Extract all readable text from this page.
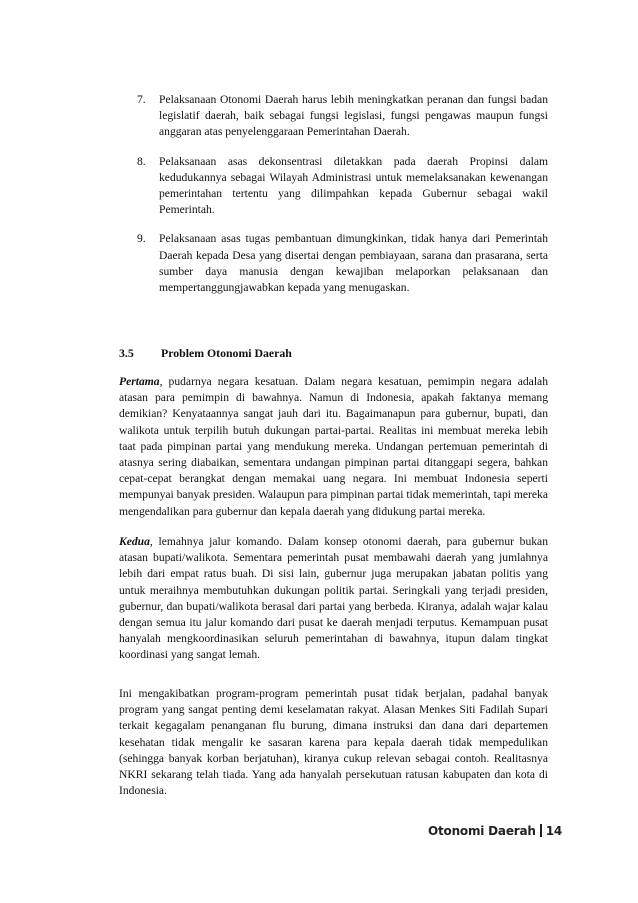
7.	Pelaksanaan Otonomi Daerah harus lebih meningkatkan peranan dan fungsi badan legislatif daerah, baik sebagai fungsi legislasi, fungsi pengawas maupun fungsi anggaran atas penyelenggaraan Pemerintahan Daerah.
8.	Pelaksanaan asas dekonsentrasi diletakkan pada daerah Propinsi dalam kedudukannya sebagai Wilayah Administrasi untuk memelaksanakan kewenangan pemerintahan tertentu yang dilimpahkan kepada Gubernur sebagai wakil Pemerintah.
9.	Pelaksanaan asas tugas pembantuan dimungkinkan, tidak hanya dari Pemerintah Daerah kepada Desa yang disertai dengan pembiayaan, sarana dan prasarana, serta sumber daya manusia dengan kewajiban melaporkan pelaksanaan dan mempertanggungjawabkan kepada yang menugaskan.
3.5 Problem Otonomi Daerah

Pertama, pudarnya negara kesatuan. Dalam negara kesatuan, pemimpin negara adalah atasan para pemimpin di bawahnya. Namun di Indonesia, apakah faktanya memang demikian? Kenyataannya sangat jauh dari itu. Bagaimanapun para gubernur, bupati, dan walikota untuk terpilih butuh dukungan partai-partai. Realitas ini membuat mereka lebih taat pada pimpinan partai yang mendukung mereka. Undangan pertemuan pemerintah di atasnya sering diabaikan, sementara undangan pimpinan partai ditanggapi segera, bahkan cepat-cepat berangkat dengan memakai uang negara. Ini membuat Indonesia seperti mempunyai banyak presiden. Walaupun para pimpinan partai tidak memerintah, tapi mereka mengendalikan para gubernur dan kepala daerah yang didukung partai mereka.

Kedua, lemahnya jalur komando. Dalam konsep otonomi daerah, para gubernur bukan atasan bupati/walikota. Sementara pemerintah pusat membawahi daerah yang jumlahnya lebih dari empat ratus buah. Di sisi lain, gubernur juga merupakan jabatan politis yang untuk meraihnya membutuhkan dukungan politik partai. Seringkali yang terjadi presiden, gubernur, dan bupati/walikota berasal dari partai yang berbeda. Kiranya, adalah wajar kalau dengan semua itu jalur komando dari pusat ke daerah menjadi terputus. Kemampuan pusat hanyalah mengkoordinasikan seluruh pemerintahan di bawahnya, itupun dalam tingkat koordinasi yang sangat lemah.

Ini mengakibatkan program-program pemerintah pusat tidak berjalan, padahal banyak program yang sangat penting demi keselamatan rakyat. Alasan Menkes Siti Fadilah Supari terkait kegagalam penanganan flu burung, dimana instruksi dan dana dari departemen kesehatan tidak mengalir ke sasaran karena para kepala daerah tidak mempedulikan (sehingga banyak korban berjatuhan), kiranya cukup relevan sebagai contoh. Realitasnya NKRI sekarang telah tiada. Yang ada hanyalah persekutuan ratusan kabupaten dan kota di Indonesia.

Otonomi Daerah 14
